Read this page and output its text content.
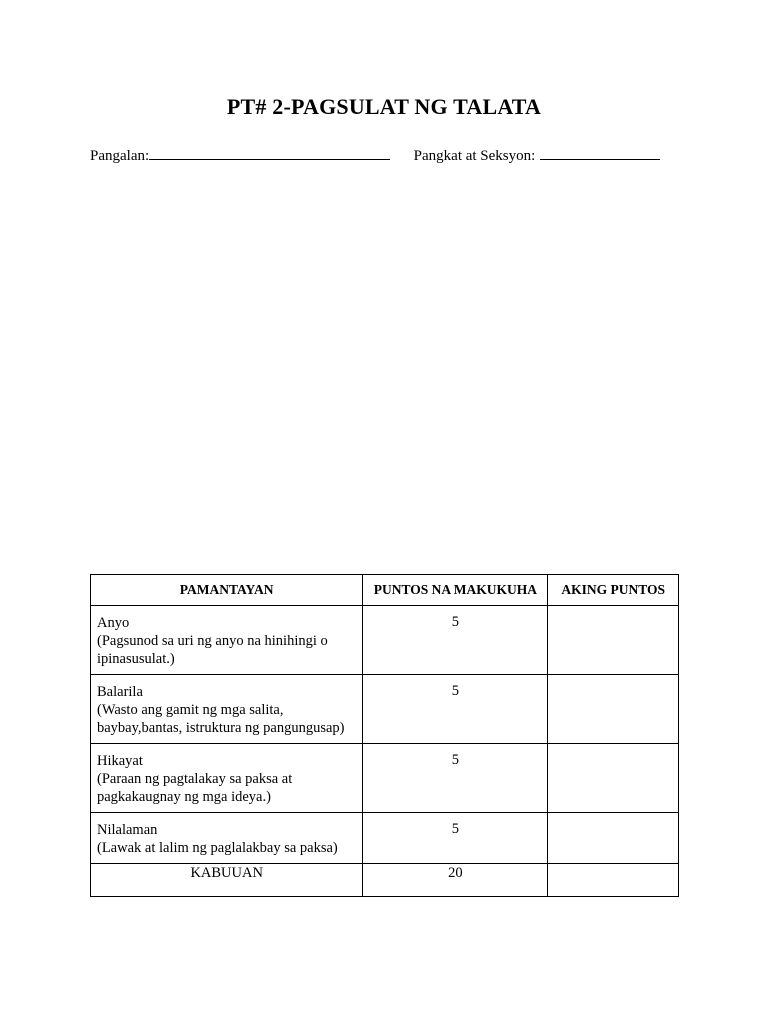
PT# 2-PAGSULAT NG TALATA
Pangalan:	Pangkat at Seksyon:
PAMANTAYAN	PUNTOS NA MAKUKUHA	AKING PUNTOS
Anyo
(Pagsunod sa uri ng anyo na hinihingi o ipinasusulat.)	5	
Balarila
(Wasto ang gamit ng mga salita, baybay,bantas, istruktura ng pangungusap)	5	
Hikayat
(Paraan ng pagtalakay sa paksa at pagkakaugnay ng mga ideya.)	5	
Nilalaman
(Lawak at lalim ng paglalakbay sa paksa)	5	
KABUUAN	20	
